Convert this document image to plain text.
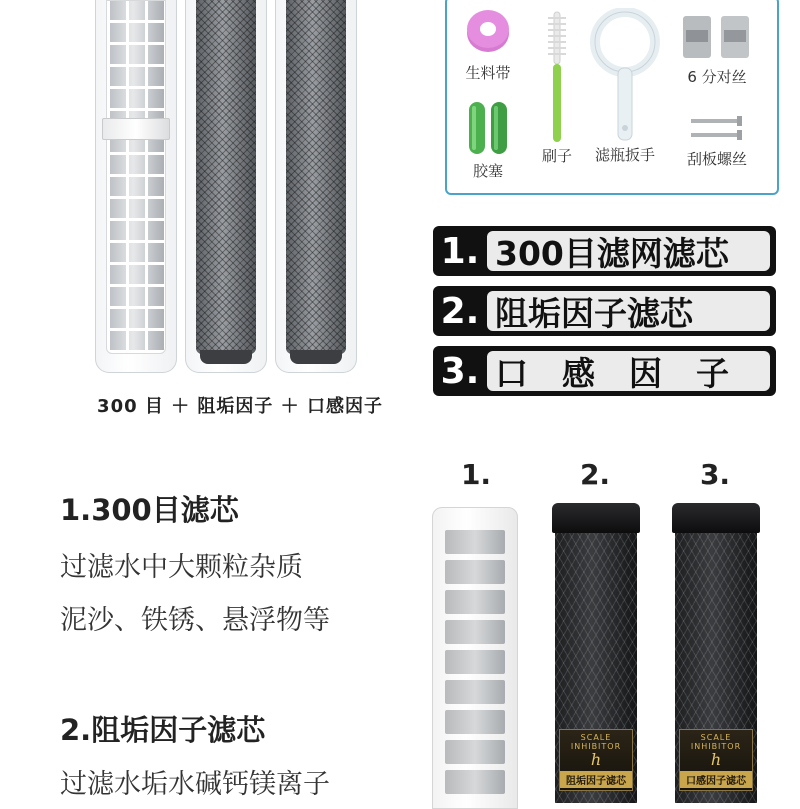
300 目 ＋ 阻垢因子 ＋ 口感因子
生料带
胶塞
刷子	滤瓶扳手
6 分对丝
刮板螺丝
1. 300目滤网滤芯
2. 阻垢因子滤芯
3. 口感因子
1.300目滤芯
过滤水中大颗粒杂质
泥沙、铁锈、悬浮物等
2.阻垢因子滤芯
过滤水垢水碱钙镁离子
1.	2.	3.
SCALE INHIBITOR
h
阻垢因子滤芯
SCALE INHIBITOR
h
口感因子滤芯
